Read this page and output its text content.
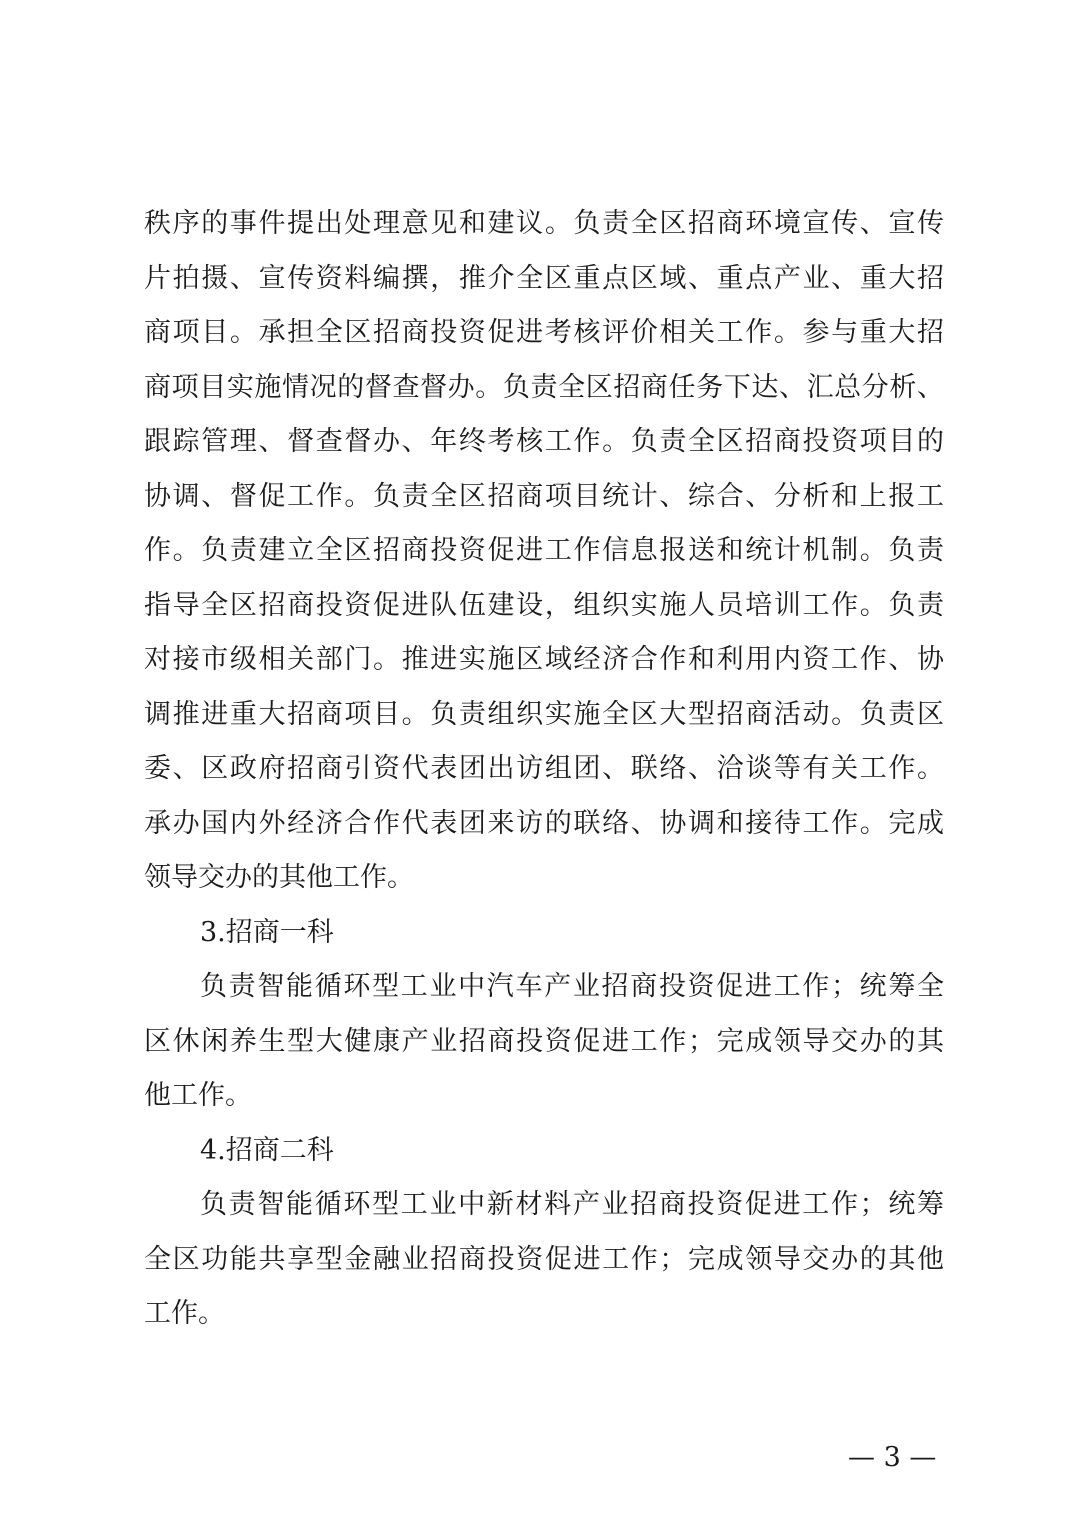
秩序的事件提出处理意见和建议。负责全区招商环境宣传、宣传
片拍摄、宣传资料编撰，推介全区重点区域、重点产业、重大招
商项目。承担全区招商投资促进考核评价相关工作。参与重大招
商项目实施情况的督查督办。负责全区招商任务下达、汇总分析、
跟踪管理、督查督办、年终考核工作。负责全区招商投资项目的
协调、督促工作。负责全区招商项目统计、综合、分析和上报工
作。负责建立全区招商投资促进工作信息报送和统计机制。负责
指导全区招商投资促进队伍建设，组织实施人员培训工作。负责
对接市级相关部门。推进实施区域经济合作和利用内资工作、协
调推进重大招商项目。负责组织实施全区大型招商活动。负责区
委、区政府招商引资代表团出访组团、联络、洽谈等有关工作。
承办国内外经济合作代表团来访的联络、协调和接待工作。完成
领导交办的其他工作。
3.招商一科
负责智能循环型工业中汽车产业招商投资促进工作；统筹全
区休闲养生型大健康产业招商投资促进工作；完成领导交办的其
他工作。
4.招商二科
负责智能循环型工业中新材料产业招商投资促进工作；统筹
全区功能共享型金融业招商投资促进工作；完成领导交办的其他
工作。
— 3 —
